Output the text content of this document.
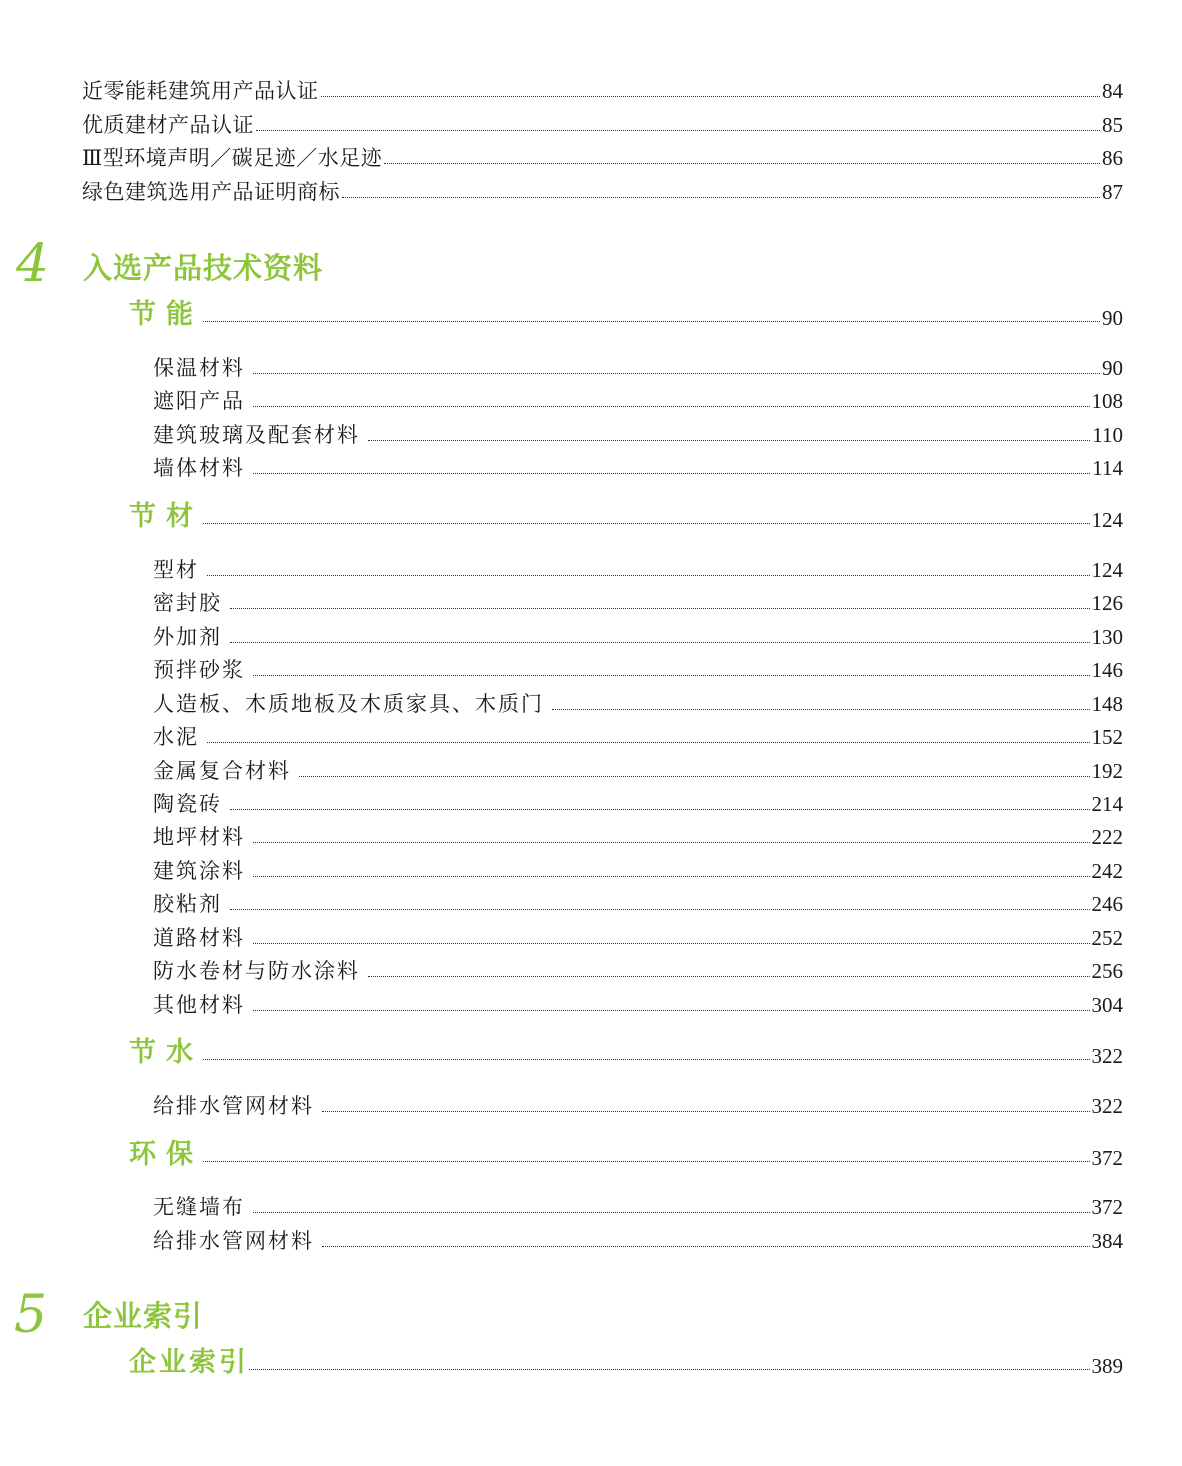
近零能耗建筑用产品认证	84
优质建材产品认证	85
Ⅲ型环境声明／碳足迹／水足迹	86
绿色建筑选用产品证明商标	87
4 入选产品技术资料
节能	90
保温材料	90
遮阳产品	108
建筑玻璃及配套材料	110
墙体材料	114
节材	124
型材	124
密封胶	126
外加剂	130
预拌砂浆	146
人造板、木质地板及木质家具、木质门	148
水泥	152
金属复合材料	192
陶瓷砖	214
地坪材料	222
建筑涂料	242
胶粘剂	246
道路材料	252
防水卷材与防水涂料	256
其他材料	304
节水	322
给排水管网材料	322
环保	372
无缝墙布	372
给排水管网材料	384
5 企业索引
企业索引	389
